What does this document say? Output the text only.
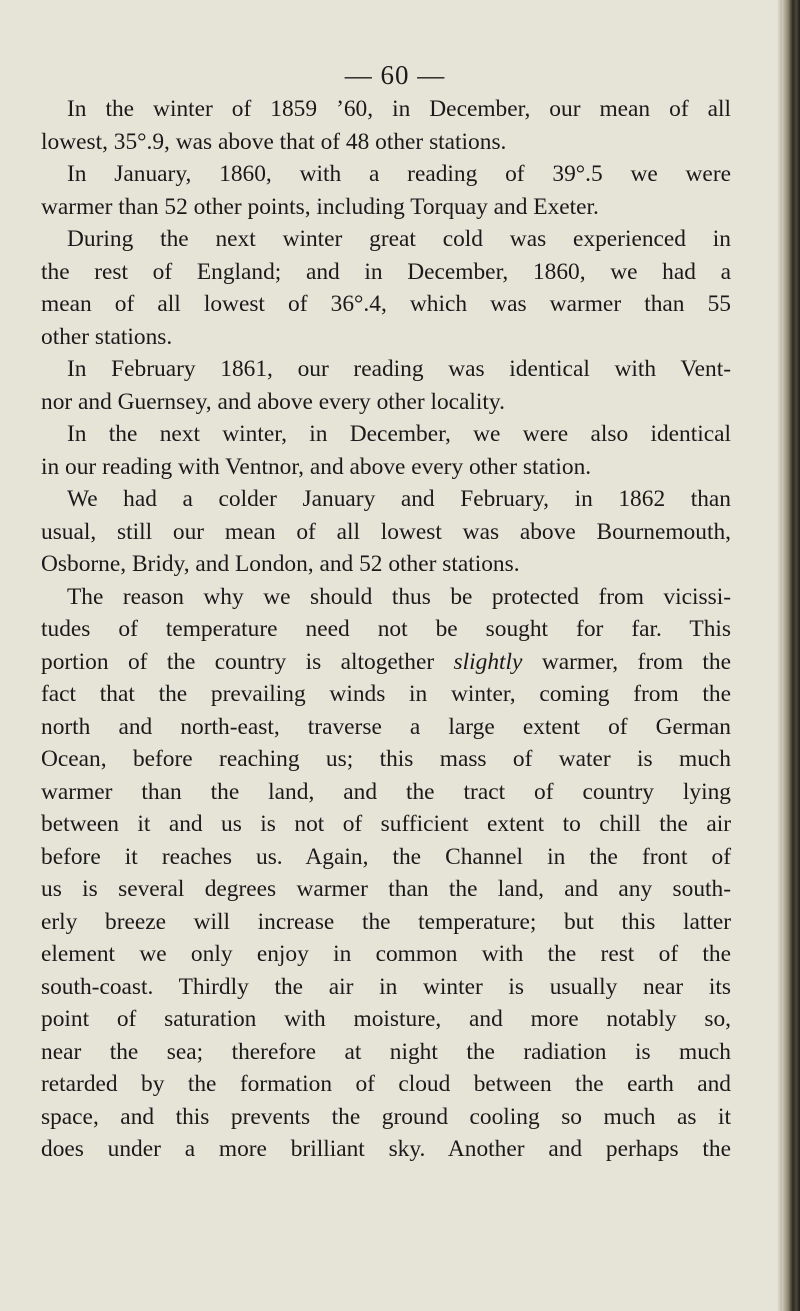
— 60 —
In the winter of 1859 ’60, in December, our mean of all
lowest, 35°.9, was above that of 48 other stations.
In January, 1860, with a reading of 39°.5 we were
warmer than 52 other points, including Torquay and Exeter.
During the next winter great cold was experienced in
the rest of England; and in December, 1860, we had a
mean of all lowest of 36°.4, which was warmer than 55
other stations.
In February 1861, our reading was identical with Vent-
nor and Guernsey, and above every other locality.
In the next winter, in December, we were also identical
in our reading with Ventnor, and above every other station.
We had a colder January and February, in 1862 than
usual, still our mean of all lowest was above Bournemouth,
Osborne, Bridy, and London, and 52 other stations.
The reason why we should thus be protected from vicissi-
tudes of temperature need not be sought for far. This
portion of the country is altogether slightly warmer, from the
fact that the prevailing winds in winter, coming from the
north and north-east, traverse a large extent of German
Ocean, before reaching us; this mass of water is much
warmer than the land, and the tract of country lying
between it and us is not of sufficient extent to chill the air
before it reaches us. Again, the Channel in the front of
us is several degrees warmer than the land, and any south-
erly breeze will increase the temperature; but this latter
element we only enjoy in common with the rest of the
south-coast. Thirdly the air in winter is usually near its
point of saturation with moisture, and more notably so,
near the sea; therefore at night the radiation is much
retarded by the formation of cloud between the earth and
space, and this prevents the ground cooling so much as it
does under a more brilliant sky. Another and perhaps the
